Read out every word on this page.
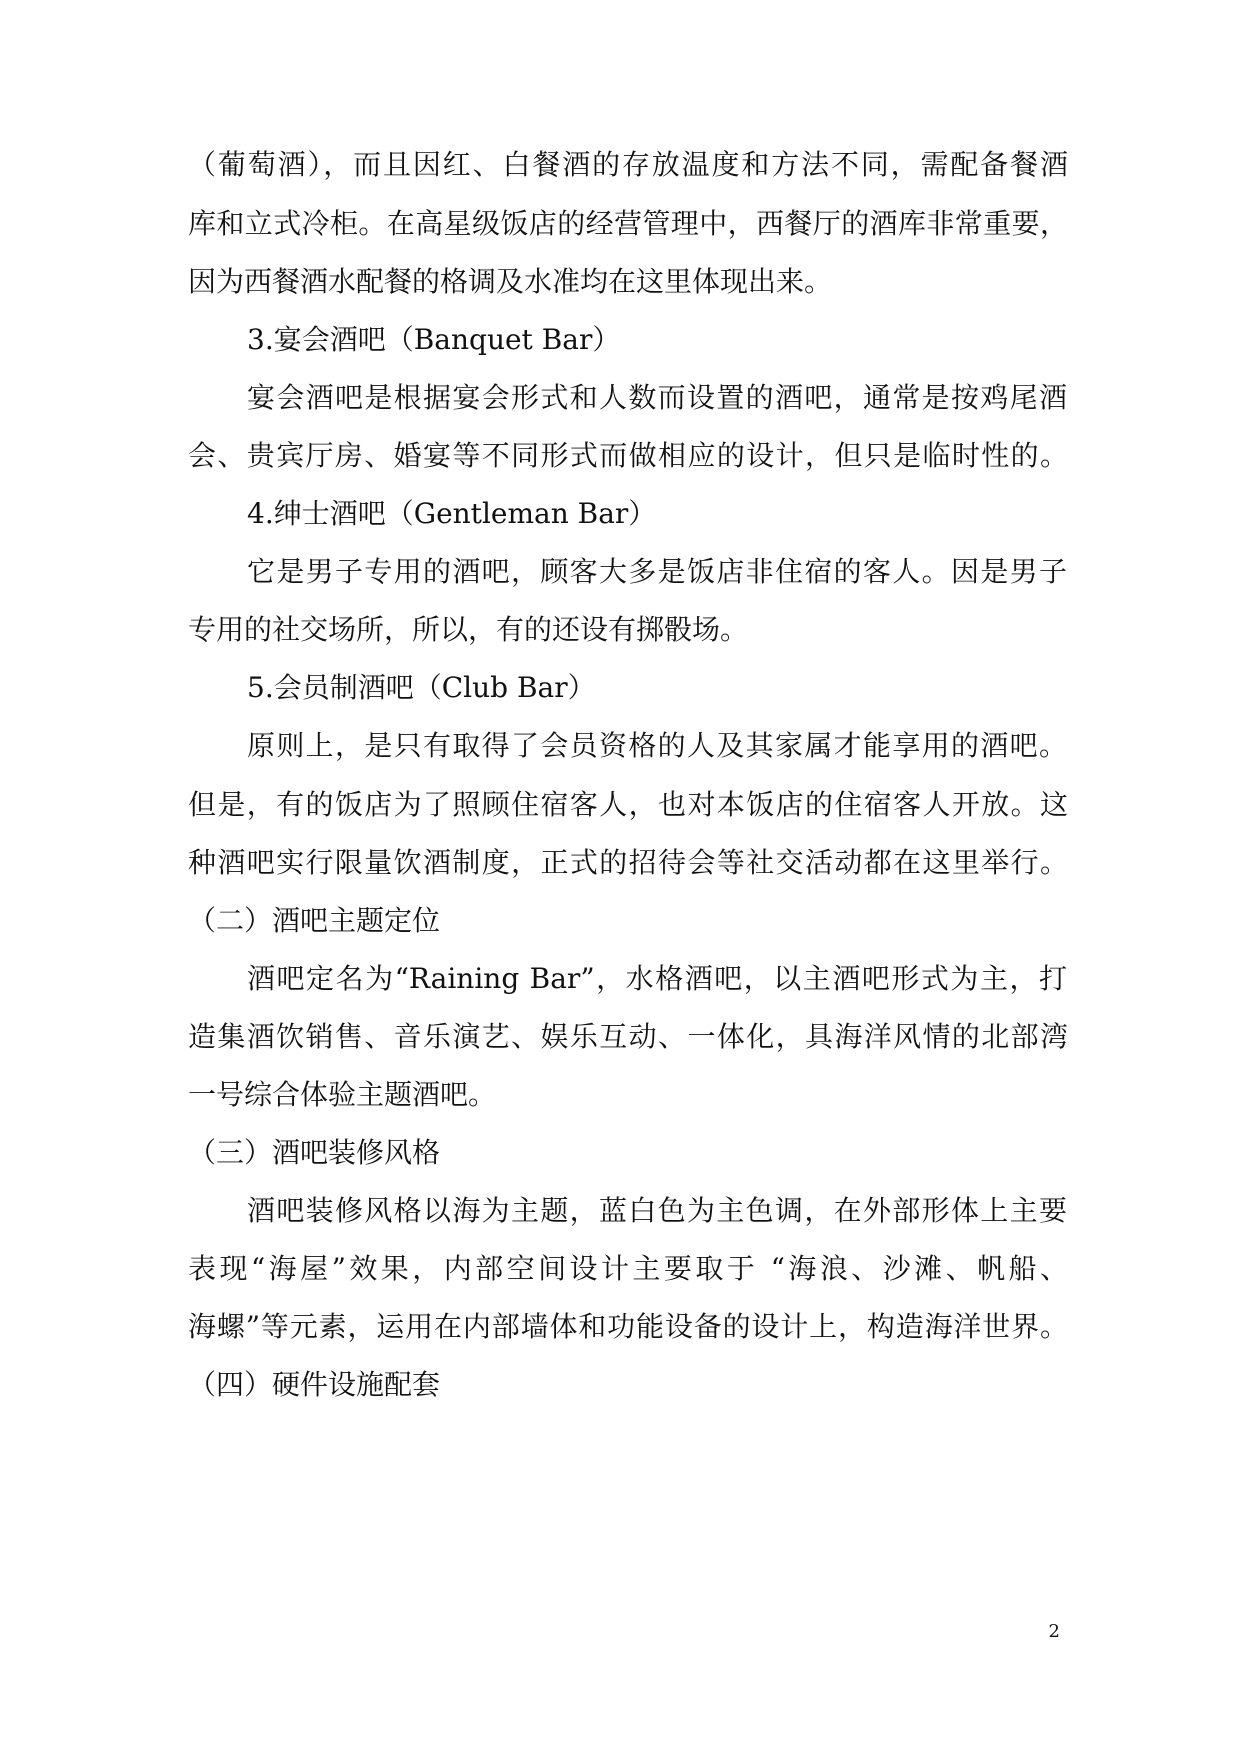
（葡萄酒），而且因红、白餐酒的存放温度和方法不同，需配备餐酒
库和立式冷柜。在高星级饭店的经营管理中，西餐厅的酒库非常重要，
因为西餐酒水配餐的格调及水准均在这里体现出来。
3.宴会酒吧（Banquet Bar）
宴会酒吧是根据宴会形式和人数而设置的酒吧，通常是按鸡尾酒
会、贵宾厅房、婚宴等不同形式而做相应的设计，但只是临时性的。
4.绅士酒吧（Gentleman Bar）
它是男子专用的酒吧，顾客大多是饭店非住宿的客人。因是男子
专用的社交场所，所以，有的还设有掷骰场。
5.会员制酒吧（Club Bar）
原则上，是只有取得了会员资格的人及其家属才能享用的酒吧。
但是，有的饭店为了照顾住宿客人，也对本饭店的住宿客人开放。这
种酒吧实行限量饮酒制度，正式的招待会等社交活动都在这里举行。
（二）酒吧主题定位
酒吧定名为“Raining Bar”，水格酒吧，以主酒吧形式为主，打
造集酒饮销售、音乐演艺、娱乐互动、一体化，具海洋风情的北部湾
一号综合体验主题酒吧。
（三）酒吧装修风格
酒吧装修风格以海为主题，蓝白色为主色调，在外部形体上主要
表现“海屋”效果，内部空间设计主要取于 “海浪、沙滩、帆船、
海螺”等元素，运用在内部墙体和功能设备的设计上，构造海洋世界。
（四）硬件设施配套
2
